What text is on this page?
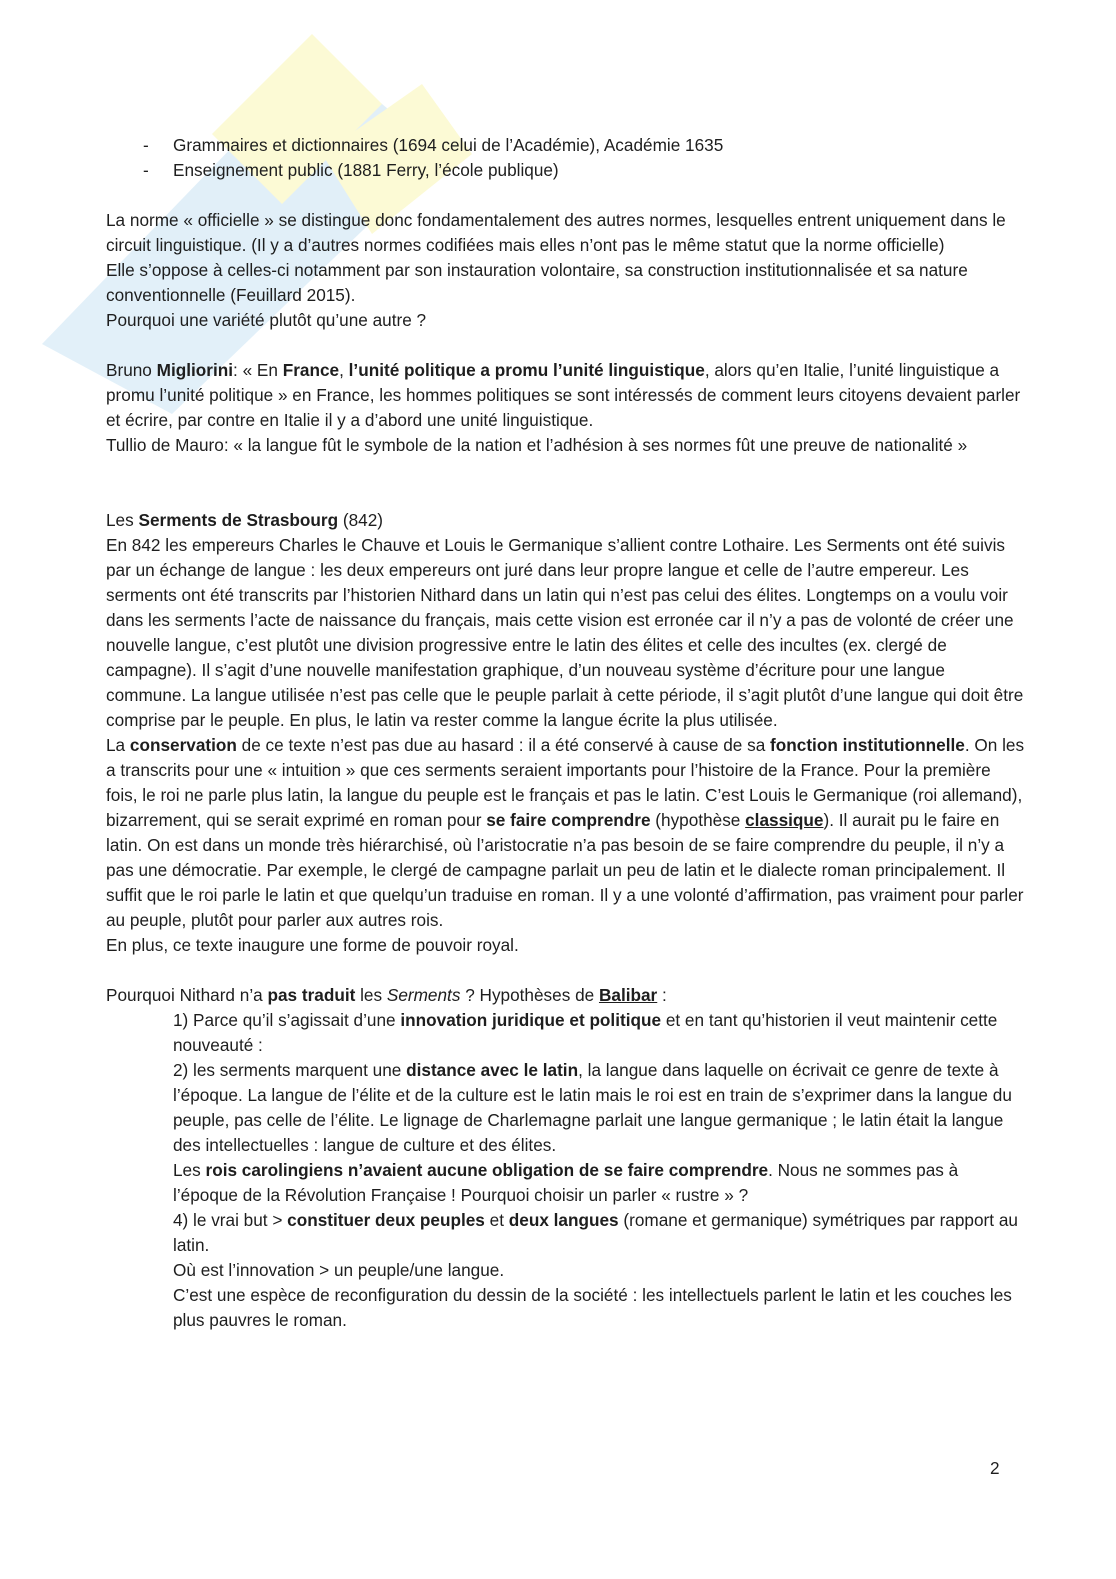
- Grammaires et dictionnaires (1694 celui de l’Académie), Académie 1635
- Enseignement public (1881 Ferry, l’école publique)

La norme « officielle » se distingue donc fondamentalement des autres normes, lesquelles entrent uniquement dans le circuit linguistique. (Il y a d’autres normes codifiées mais elles n’ont pas le même statut que la norme officielle)
Elle s’oppose à celles-ci notamment par son instauration volontaire, sa construction institutionnalisée et sa nature conventionnelle (Feuillard 2015).
Pourquoi une variété plutôt qu’une autre ?

Bruno Migliorini: « En France, l’unité politique a promu l’unité linguistique, alors qu’en Italie, l’unité linguistique a promu l’unité politique » en France, les hommes politiques se sont intéressés de comment leurs citoyens devaient parler et écrire, par contre en Italie il y a d’abord une unité linguistique.
Tullio de Mauro: « la langue fût le symbole de la nation et l’adhésion à ses normes fût une preuve de nationalité »

Les Serments de Strasbourg (842)

En 842 les empereurs Charles le Chauve et Louis le Germanique s’allient contre Lothaire. Les Serments ont été suivis par un échange de langue : les deux empereurs ont juré dans leur propre langue et celle de l’autre empereur. Les serments ont été transcrits par l’historien Nithard dans un latin qui n’est pas celui des élites. Longtemps on a voulu voir dans les serments l’acte de naissance du français, mais cette vision est erronée car il n’y a pas de volonté de créer une nouvelle langue, c’est plutôt une division progressive entre le latin des élites et celle des incultes (ex. clergé de campagne). Il s’agit d’une nouvelle manifestation graphique, d’un nouveau système d’écriture pour une langue commune. La langue utilisée n’est pas celle que le peuple parlait à cette période, il s’agit plutôt d’une langue qui doit être comprise par le peuple. En plus, le latin va rester comme la langue écrite la plus utilisée.

La conservation de ce texte n’est pas due au hasard : il a été conservé à cause de sa fonction institutionnelle. On les a transcrits pour une « intuition » que ces serments seraient importants pour l’histoire de la France. Pour la première fois, le roi ne parle plus latin, la langue du peuple est le français et pas le latin. C’est Louis le Germanique (roi allemand), bizarrement, qui se serait exprimé en roman pour se faire comprendre (hypothèse classique). Il aurait pu le faire en latin. On est dans un monde très hiérarchisé, où l’aristocratie n’a pas besoin de se faire comprendre du peuple, il n’y a pas une démocratie. Par exemple, le clergé de campagne parlait un peu de latin et le dialecte roman principalement. Il suffit que le roi parle le latin et que quelqu’un traduise en roman. Il y a une volonté d’affirmation, pas vraiment pour parler au peuple, plutôt pour parler aux autres rois.
En plus, ce texte inaugure une forme de pouvoir royal.

Pourquoi Nithard n’a pas traduit les Serments ? Hypothèses de Balibar :

1) Parce qu’il s’agissait d’une innovation juridique et politique et en tant qu’historien il veut maintenir cette nouveauté :

2) les serments marquent une distance avec le latin, la langue dans laquelle on écrivait ce genre de texte à l’époque. La langue de l’élite et de la culture est le latin mais le roi est en train de s’exprimer dans la langue du peuple, pas celle de l’élite. Le lignage de Charlemagne parlait une langue germanique ; le latin était la langue des intellectuelles : langue de culture et des élites.

Les rois carolingiens n’avaient aucune obligation de se faire comprendre. Nous ne sommes pas à l’époque de la Révolution Française ! Pourquoi choisir un parler « rustre » ?

4) le vrai but > constituer deux peuples et deux langues (romane et germanique) symétriques par rapport au latin.

Où est l’innovation > un peuple/une langue.

C’est une espèce de reconfiguration du dessin de la société : les intellectuels parlent le latin et les couches les plus pauvres le roman.

2
